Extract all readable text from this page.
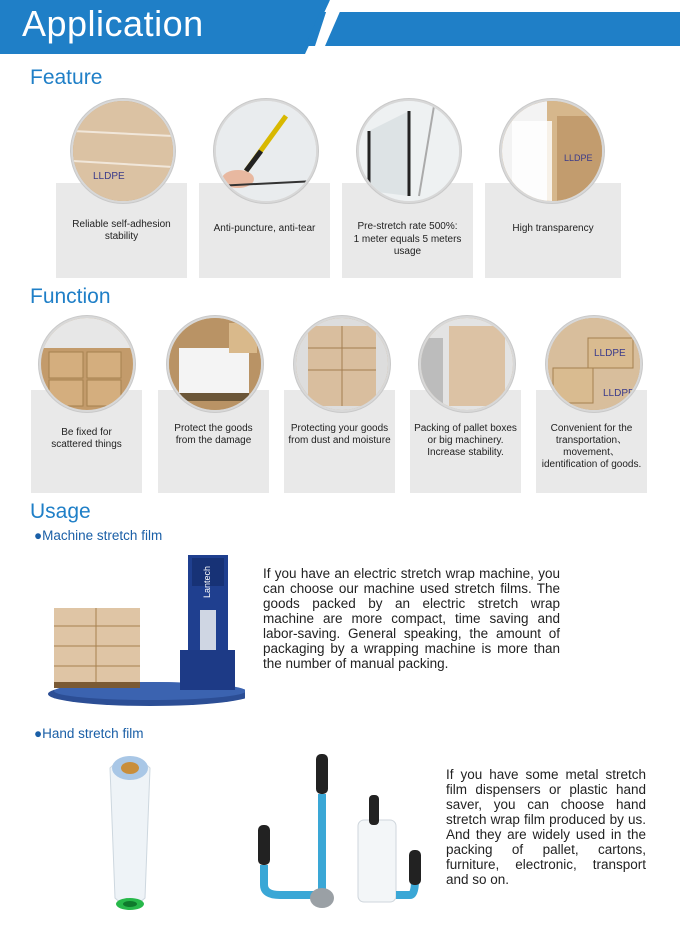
Application
Feature
Reliable self-adhesion stability
LLDPE
Anti-puncture, anti-tear	Pre-stretch rate 500%:
1 meter equals 5 meters usage
High transparency
LLDPE
Function
Be fixed for scattered things
Protect the goods from the damage
Protecting your goods from dust and moisture
Packing of pallet boxes or big machinery. Increase stability.
Convenient for the transportation、movement、identification of goods.
LLDPE
LLDPE
Usage
●Machine stretch film
Lantech	If you have an electric stretch wrap machine, you can choose our machine used stretch films. The goods packed by an electric stretch wrap machine are more compact, time saving and labor-saving. General speaking, the amount of packaging by a wrapping machine is more than the number of manual packing.
●Hand stretch film
If you have some metal stretch film dispensers or plastic hand saver, you can choose hand stretch wrap film produced by us. And they are widely used in the packing of pallet, cartons, furniture, electronic, transport and so on.
